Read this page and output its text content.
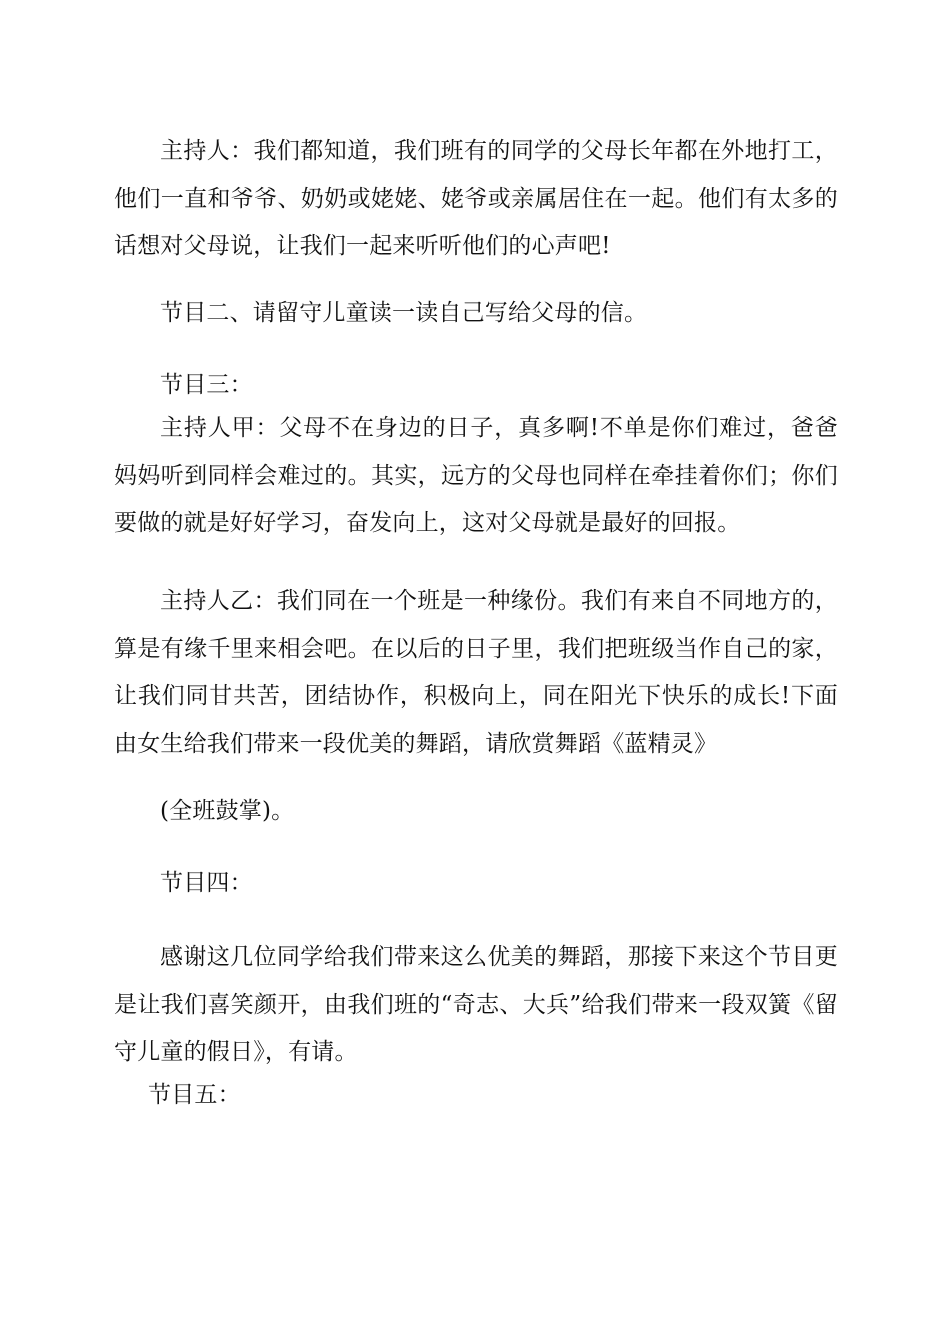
主持人：我们都知道，我们班有的同学的父母长年都在外地打工，他们一直和爷爷、奶奶或姥姥、姥爷或亲属居住在一起。他们有太多的话想对父母说，让我们一起来听听他们的心声吧!

节目二、请留守儿童读一读自己写给父母的信。

节目三：

主持人甲：父母不在身边的日子，真多啊!不单是你们难过，爸爸妈妈听到同样会难过的。其实，远方的父母也同样在牵挂着你们；你们要做的就是好好学习，奋发向上，这对父母就是最好的回报。

主持人乙：我们同在一个班是一种缘份。我们有来自不同地方的，算是有缘千里来相会吧。在以后的日子里，我们把班级当作自己的家，让我们同甘共苦，团结协作，积极向上，同在阳光下快乐的成长!下面由女生给我们带来一段优美的舞蹈，请欣赏舞蹈《蓝精灵》

(全班鼓掌)。

节目四：

感谢这几位同学给我们带来这么优美的舞蹈，那接下来这个节目更是让我们喜笑颜开，由我们班的“奇志、大兵”给我们带来一段双簧《留守儿童的假日》，有请。

节目五：
